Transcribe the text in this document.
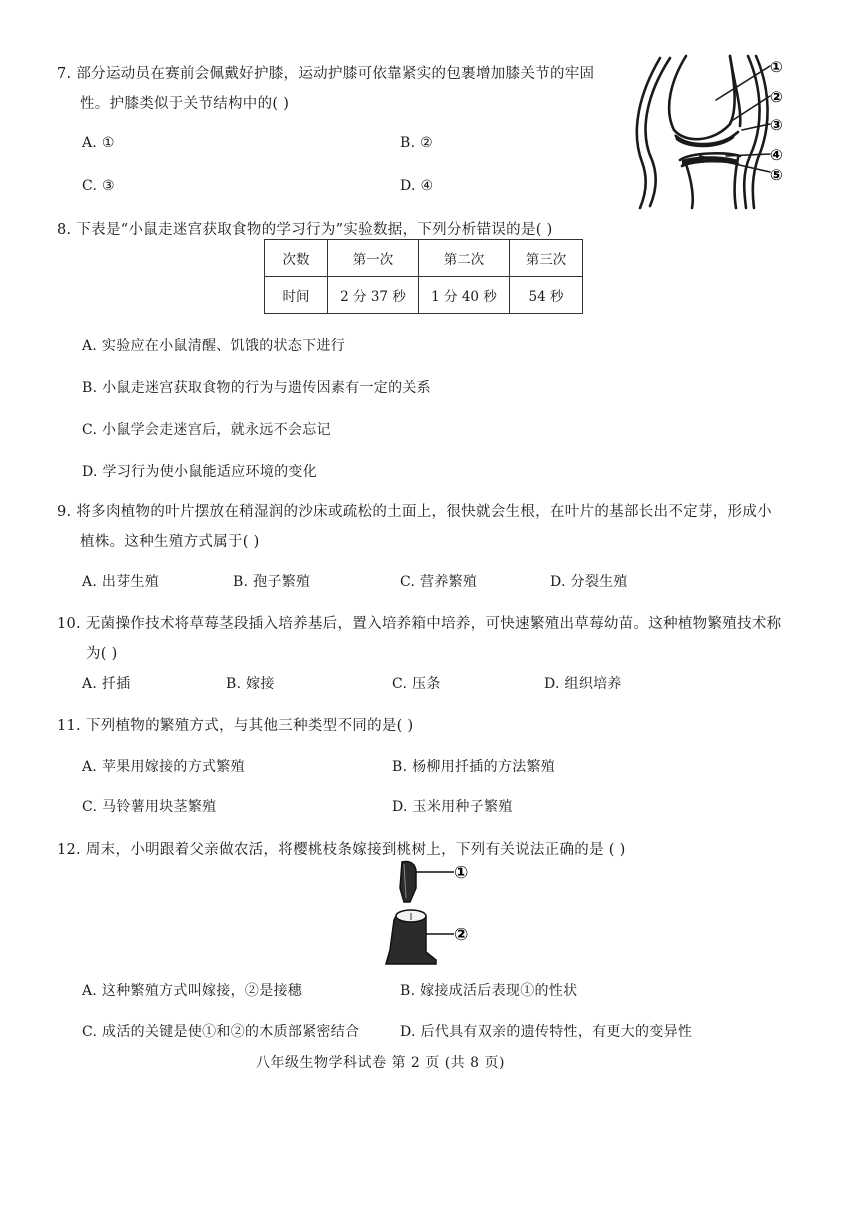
7. 部分运动员在赛前会佩戴好护膝，运动护膝可依靠紧实的包裹增加膝关节的牢固
性。护膝类似于关节结构中的( )
A. ①	B. ②
C. ③	D. ④
①
②
③
④
⑤
8. 下表是“小鼠走迷宫获取食物的学习行为”实验数据，下列分析错误的是( )
次数	第一次	第二次	第三次
时间	2 分 37 秒	1 分 40 秒	54 秒
A. 实验应在小鼠清醒、饥饿的状态下进行
B. 小鼠走迷宫获取食物的行为与遗传因素有一定的关系
C. 小鼠学会走迷宫后，就永远不会忘记
D. 学习行为使小鼠能适应环境的变化
9. 将多肉植物的叶片摆放在稍湿润的沙床或疏松的土面上，很快就会生根，在叶片的基部长出不定芽，形成小
植株。这种生殖方式属于( )
A. 出芽生殖	B. 孢子繁殖	C. 营养繁殖	D. 分裂生殖
10. 无菌操作技术将草莓茎段插入培养基后，置入培养箱中培养，可快速繁殖出草莓幼苗。这种植物繁殖技术称
为( )
A. 扦插	B. 嫁接	C. 压条	D. 组织培养
11. 下列植物的繁殖方式，与其他三种类型不同的是( )
A. 苹果用嫁接的方式繁殖	B. 杨柳用扦插的方法繁殖
C. 马铃薯用块茎繁殖	D. 玉米用种子繁殖
12. 周末，小明跟着父亲做农活，将樱桃枝条嫁接到桃树上，下列有关说法正确的是 ( )
①
②
A. 这种繁殖方式叫嫁接，②是接穗	B. 嫁接成活后表现①的性状
C. 成活的关键是使①和②的木质部紧密结合	D. 后代具有双亲的遗传特性，有更大的变异性
八年级生物学科试卷 第 2 页 (共 8 页)
